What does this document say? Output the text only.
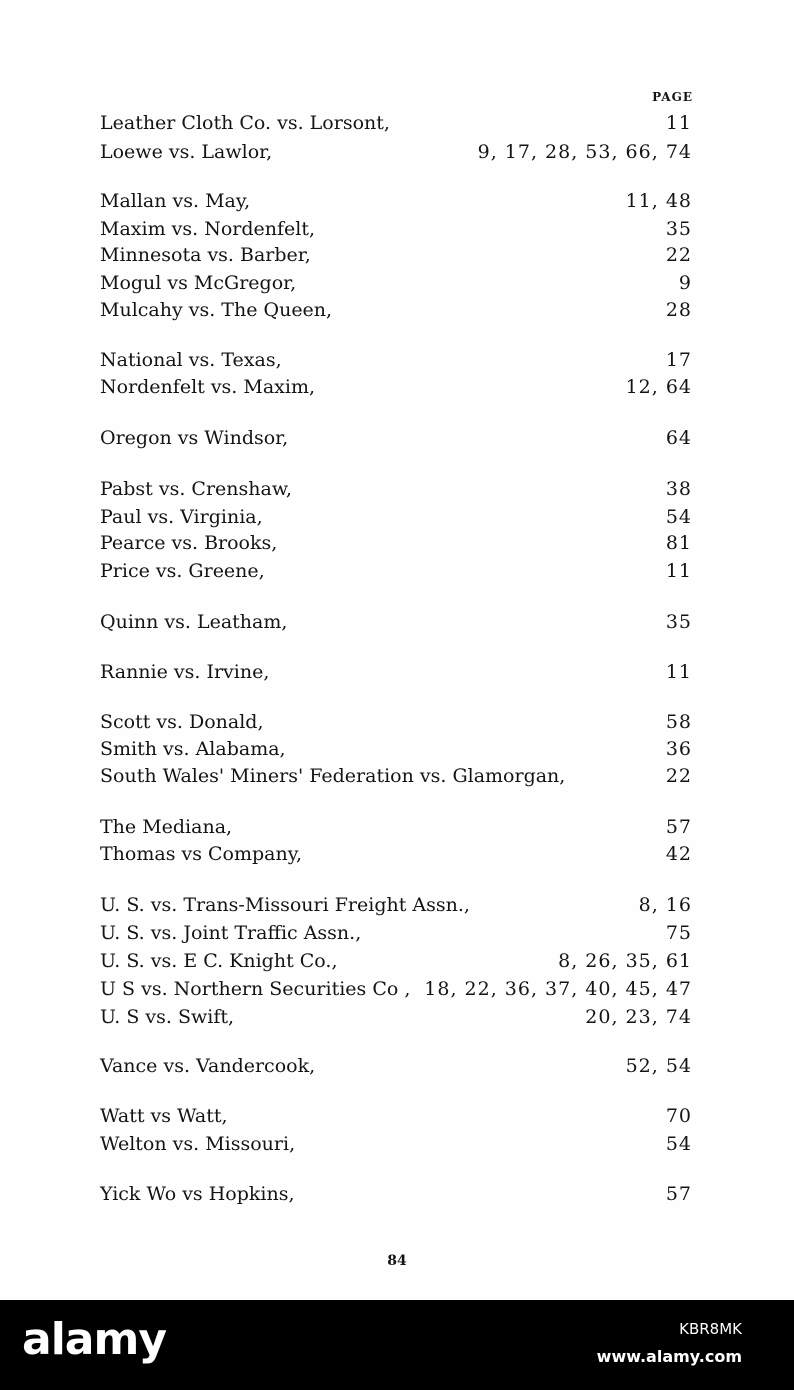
PAGE
Leather Cloth Co. vs. Lorsont,	11
Loewe vs. Lawlor,	9, 17, 28, 53, 66, 74
Mallan vs. May,	11, 48
Maxim vs. Nordenfelt,	35
Minnesota vs. Barber,	22
Mogul vs McGregor,	9
Mulcahy vs. The Queen,	28
National vs. Texas,	17
Nordenfelt vs. Maxim,	12, 64
Oregon vs Windsor,	64
Pabst vs. Crenshaw,	38
Paul vs. Virginia,	54
Pearce vs. Brooks,	81
Price vs. Greene,	11
Quinn vs. Leatham,	35
Rannie vs. Irvine,	11
Scott vs. Donald,	58
Smith vs. Alabama,	36
South Wales' Miners' Federation vs. Glamorgan,	22
The Mediana,	57
Thomas vs Company,	42
U. S. vs. Trans-Missouri Freight Assn.,	8, 16
U. S. vs. Joint Traffic Assn.,	75
U. S. vs. E C. Knight Co.,	8, 26, 35, 61
U S vs. Northern Securities Co , 18, 22, 36, 37, 40, 45, 47
U. S vs. Swift,	20, 23, 74
Vance vs. Vandercook,	52, 54
Watt vs Watt,	70
Welton vs. Missouri,	54
Yick Wo vs Hopkins,	57
84
alamy	KBR8MK
www.alamy.com
